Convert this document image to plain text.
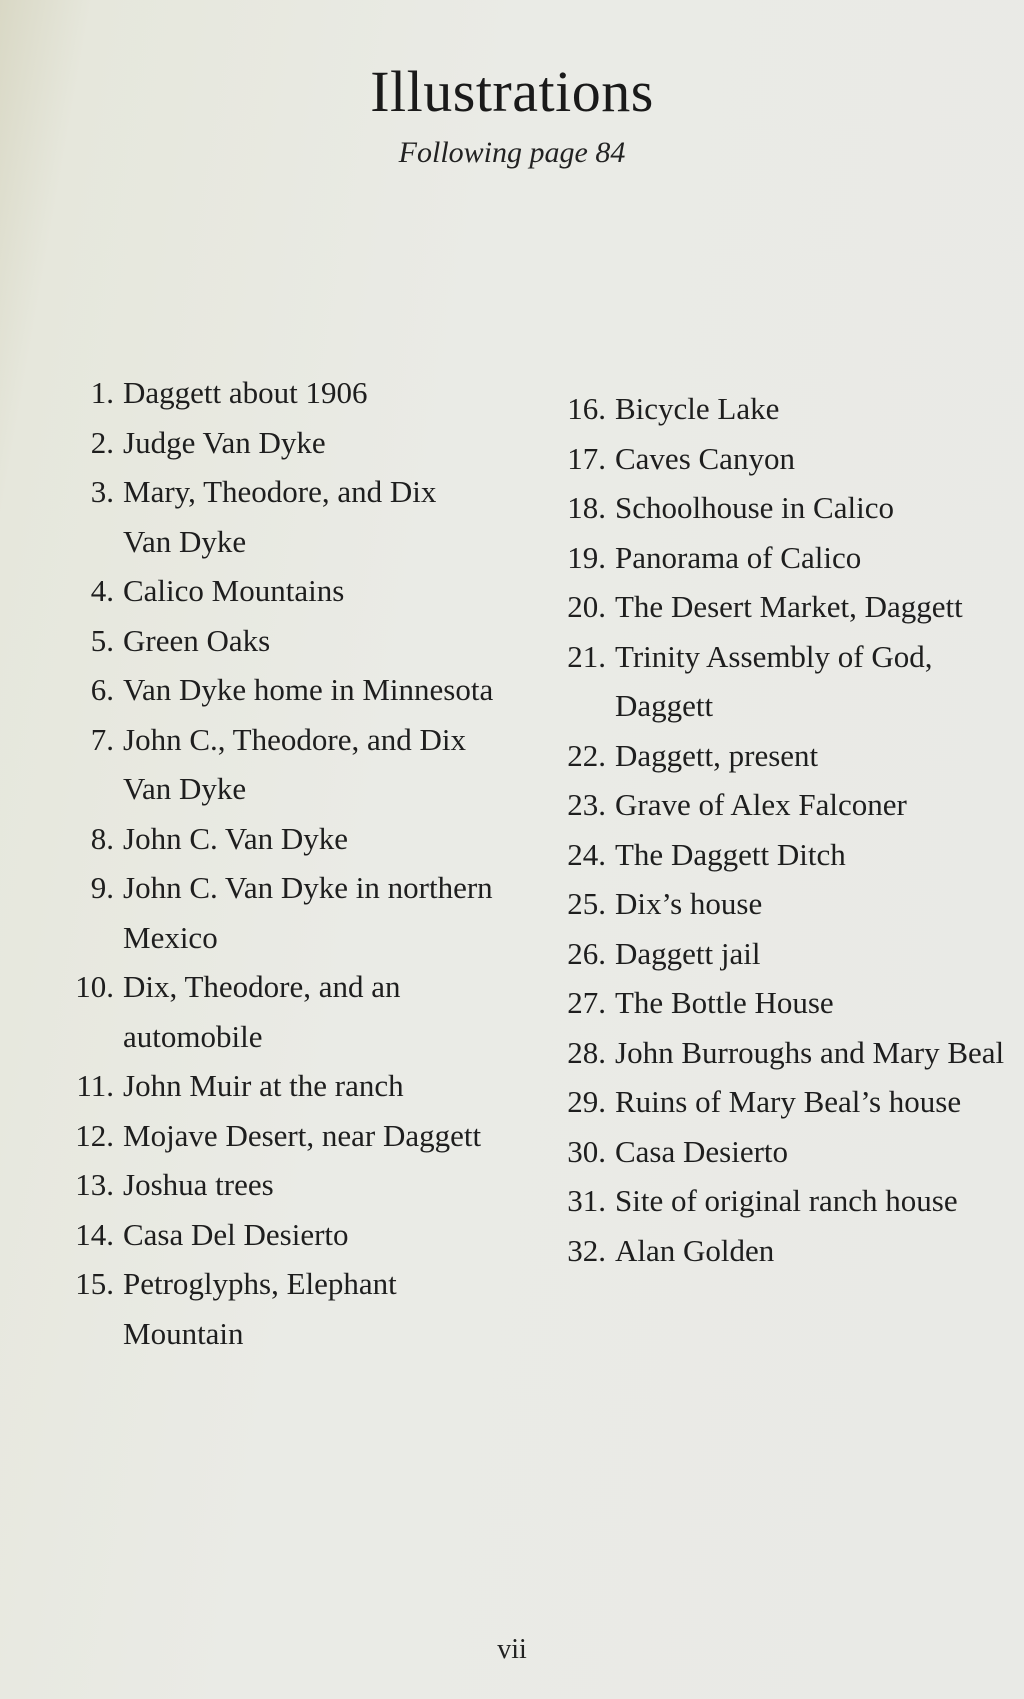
Illustrations
Following page 84
1. Daggett about 1906
2. Judge Van Dyke
3. Mary, Theodore, and Dix
Van Dyke
4. Calico Mountains
5. Green Oaks
6. Van Dyke home in Minnesota
7. John C., Theodore, and Dix
Van Dyke
8. John C. Van Dyke
9. John C. Van Dyke in northern
Mexico
10. Dix, Theodore, and an
automobile
11. John Muir at the ranch
12. Mojave Desert, near Daggett
13. Joshua trees
14. Casa Del Desierto
15. Petroglyphs, Elephant
Mountain
16. Bicycle Lake
17. Caves Canyon
18. Schoolhouse in Calico
19. Panorama of Calico
20. The Desert Market, Daggett
21. Trinity Assembly of God,
Daggett
22. Daggett, present
23. Grave of Alex Falconer
24. The Daggett Ditch
25. Dix’s house
26. Daggett jail
27. The Bottle House
28. John Burroughs and Mary Beal
29. Ruins of Mary Beal’s house
30. Casa Desierto
31. Site of original ranch house
32. Alan Golden
vii
